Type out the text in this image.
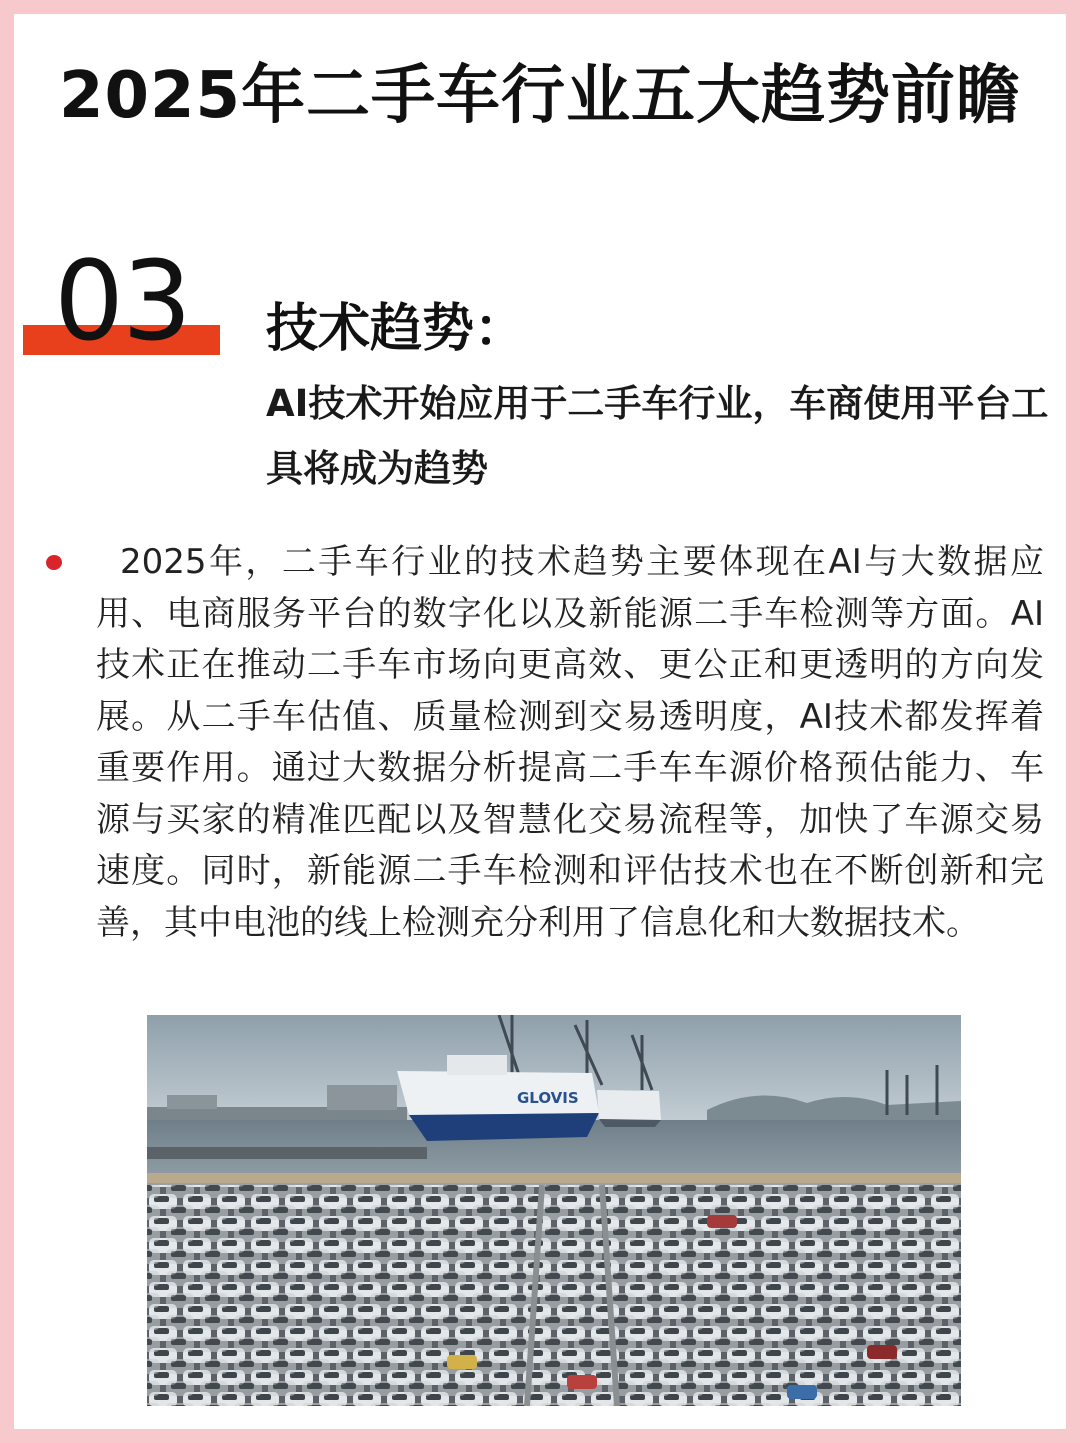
2025年二手车行业五大趋势前瞻
03 技术趋势：
AI技术开始应用于二手车行业，车商使用平台工具将成为趋势
2025年，二手车行业的技术趋势主要体现在AI与大数据应用、电商服务平台的数字化以及新能源二手车检测等方面。AI技术正在推动二手车市场向更高效、更公正和更透明的方向发展。从二手车估值、质量检测到交易透明度，AI技术都发挥着重要作用。通过大数据分析提高二手车车源价格预估能力、车源与买家的精准匹配以及智慧化交易流程等，加快了车源交易速度。同时，新能源二手车检测和评估技术也在不断创新和完善，其中电池的线上检测充分利用了信息化和大数据技术。
GLOVIS
